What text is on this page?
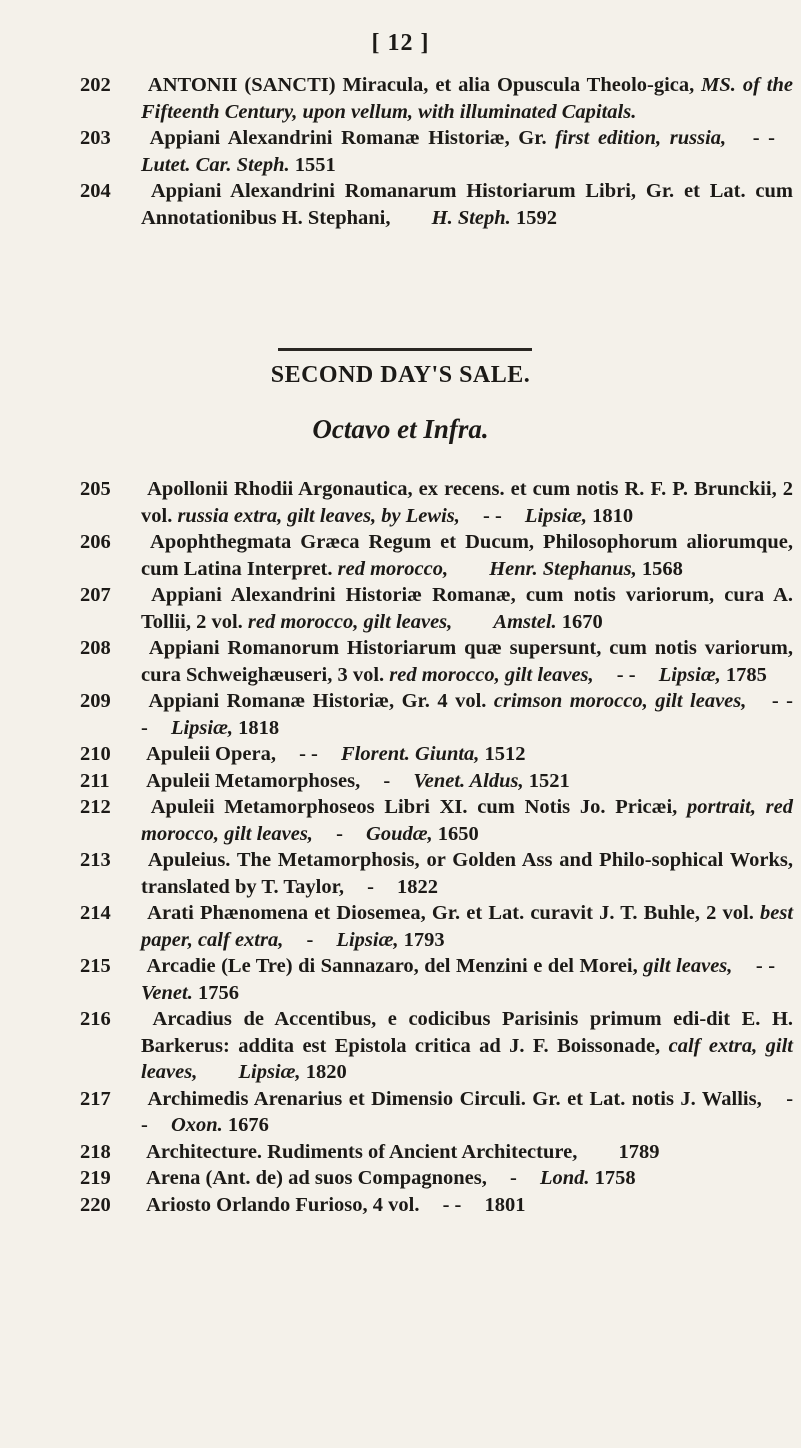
[ 12 ]
202 ANTONII (SANCTI) Miracula, et alia Opuscula Theolo-gica, MS. of the Fifteenth Century, upon vellum, with illuminated Capitals.
203 Appiani Alexandrini Romanæ Historiæ, Gr. first edition, russia, - - Lutet. Car. Steph. 1551
204 Appiani Alexandrini Romanarum Historiarum Libri, Gr. et Lat. cum Annotationibus H. Stephani, H. Steph. 1592
SECOND DAY'S SALE.
Octavo et Infra.
205 Apollonii Rhodii Argonautica, ex recens. et cum notis R. F. P. Brunckii, 2 vol. russia extra, gilt leaves, by Lewis, - - Lipsiæ, 1810
206 Apophthegmata Græca Regum et Ducum, Philosophorum aliorumque, cum Latina Interpret. red morocco, Henr. Stephanus, 1568
207 Appiani Alexandrini Historiæ Romanæ, cum notis variorum, cura A. Tollii, 2 vol. red morocco, gilt leaves, Amstel. 1670
208 Appiani Romanorum Historiarum quæ supersunt, cum notis variorum, cura Schweighæuseri, 3 vol. red morocco, gilt leaves, - - Lipsiæ, 1785
209 Appiani Romanæ Historiæ, Gr. 4 vol. crimson morocco, gilt leaves, - - - Lipsiæ, 1818
210 Apuleii Opera, - - Florent. Giunta, 1512
211 Apuleii Metamorphoses, - Venet. Aldus, 1521
212 Apuleii Metamorphoseos Libri XI. cum Notis Jo. Pricæi, portrait, red morocco, gilt leaves, - Goudæ, 1650
213 Apuleius. The Metamorphosis, or Golden Ass and Philo-sophical Works, translated by T. Taylor, - 1822
214 Arati Phænomena et Diosemea, Gr. et Lat. curavit J. T. Buhle, 2 vol. best paper, calf extra, - Lipsiæ, 1793
215 Arcadie (Le Tre) di Sannazaro, del Menzini e del Morei, gilt leaves, - - Venet. 1756
216 Arcadius de Accentibus, e codicibus Parisinis primum edi-dit E. H. Barkerus: addita est Epistola critica ad J. F. Boissonade, calf extra, gilt leaves, Lipsiæ, 1820
217 Archimedis Arenarius et Dimensio Circuli. Gr. et Lat. notis J. Wallis, - - Oxon. 1676
218 Architecture. Rudiments of Ancient Architecture, 1789
219 Arena (Ant. de) ad suos Compagnones, - Lond. 1758
220 Ariosto Orlando Furioso, 4 vol. - - 1801
